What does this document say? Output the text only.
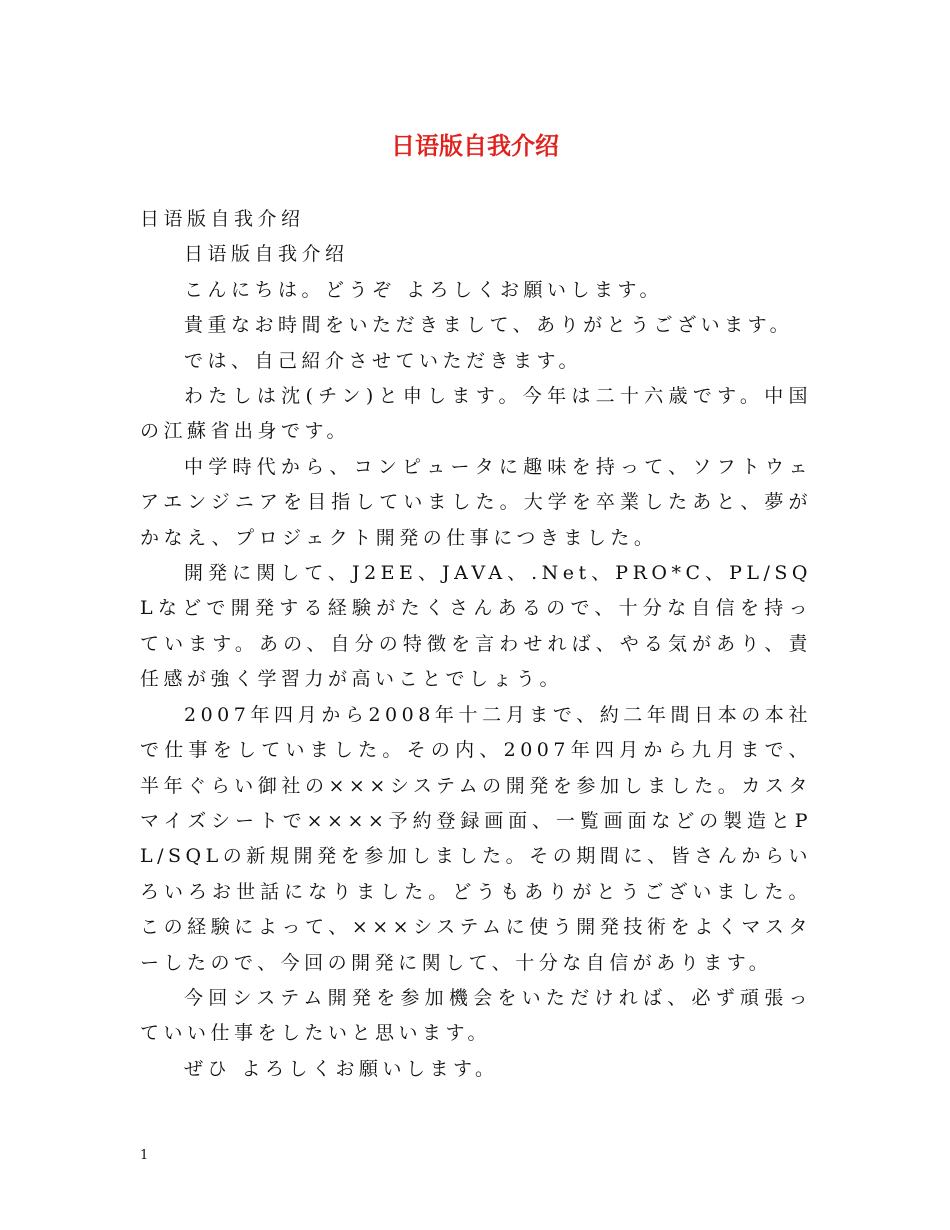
日语版自我介绍

日语版自我介绍

日语版自我介绍

こんにちは。どうぞ よろしくお願いします。

貴重なお時間をいただきまして、ありがとうございます。

では、自己紹介させていただきます。

わたしは沈(チン)と申します。今年は二十六歳です。中国の江蘇省出身です。

中学時代から、コンピュータに趣味を持って、ソフトウェアエンジニアを目指していました。大学を卒業したあと、夢がかなえ、プロジェクト開発の仕事につきました。

開発に関して、J2EE、JAVA、.Net、PRO*C、PL/SQLなどで開発する経験がたくさんあるので、十分な自信を持っています。あの、自分の特徴を言わせれば、やる気があり、責任感が強く学習力が高いことでしょう。

2007年四月から2008年十二月まで、約二年間日本の本社で仕事をしていました。その内、2007年四月から九月まで、半年ぐらい御社の×××システムの開発を参加しました。カスタマイズシートで××××予約登録画面、一覧画面などの製造とPL/SQLの新規開発を参加しました。その期間に、皆さんからいろいろお世話になりました。どうもありがとうございました。この経験によって、×××システムに使う開発技術をよくマスターしたので、今回の開発に関して、十分な自信があります。

今回システム開発を参加機会をいただければ、必ず頑張っていい仕事をしたいと思います。

ぜひ よろしくお願いします。

1
